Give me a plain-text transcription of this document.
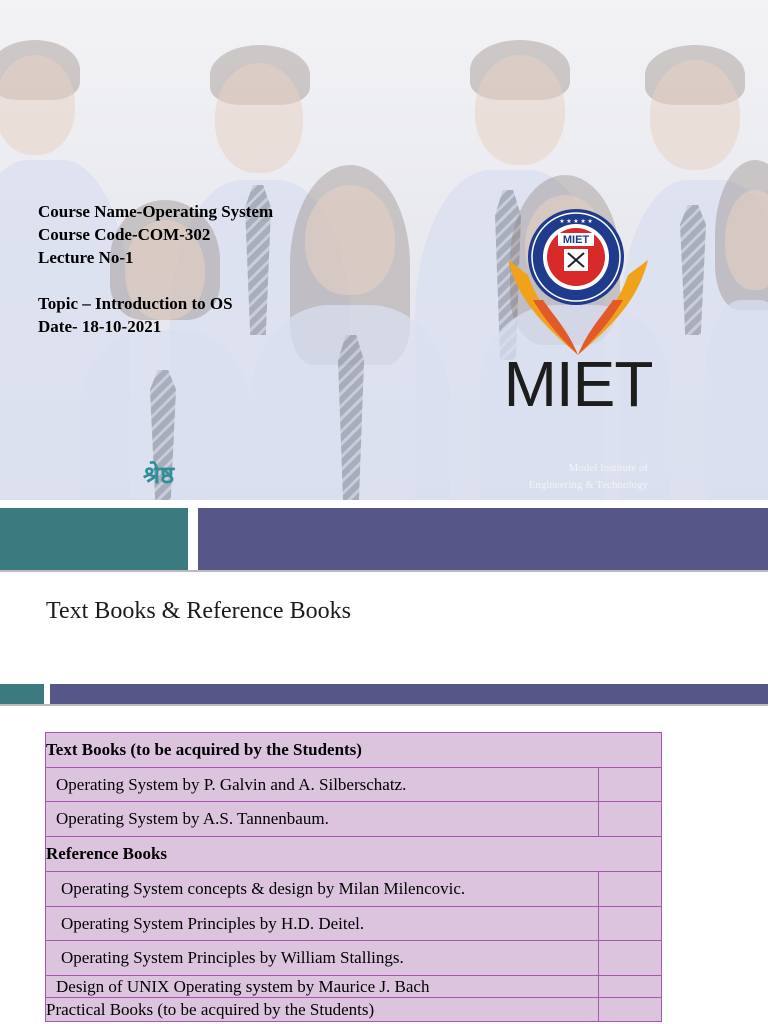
Course Name-Operating System
Course Code-COM-302
Lecture No-1
Topic – Introduction to OS
Date- 18-10-2021
MIET
★ ★ ★ ★ ★
MIET
Model Institute of
Engineering & Technology
श्रेष्ठ
Text Books & Reference Books
Text Books (to be acquired by the Students)
Operating System by P. Galvin and A. Silberschatz.
Operating System by A.S. Tannenbaum.
Reference Books
Operating System concepts & design by Milan Milencovic.
Operating System Principles by H.D. Deitel.
Operating System Principles by William Stallings.
Design of UNIX Operating system by Maurice J. Bach
Practical Books (to be acquired by the Students)
